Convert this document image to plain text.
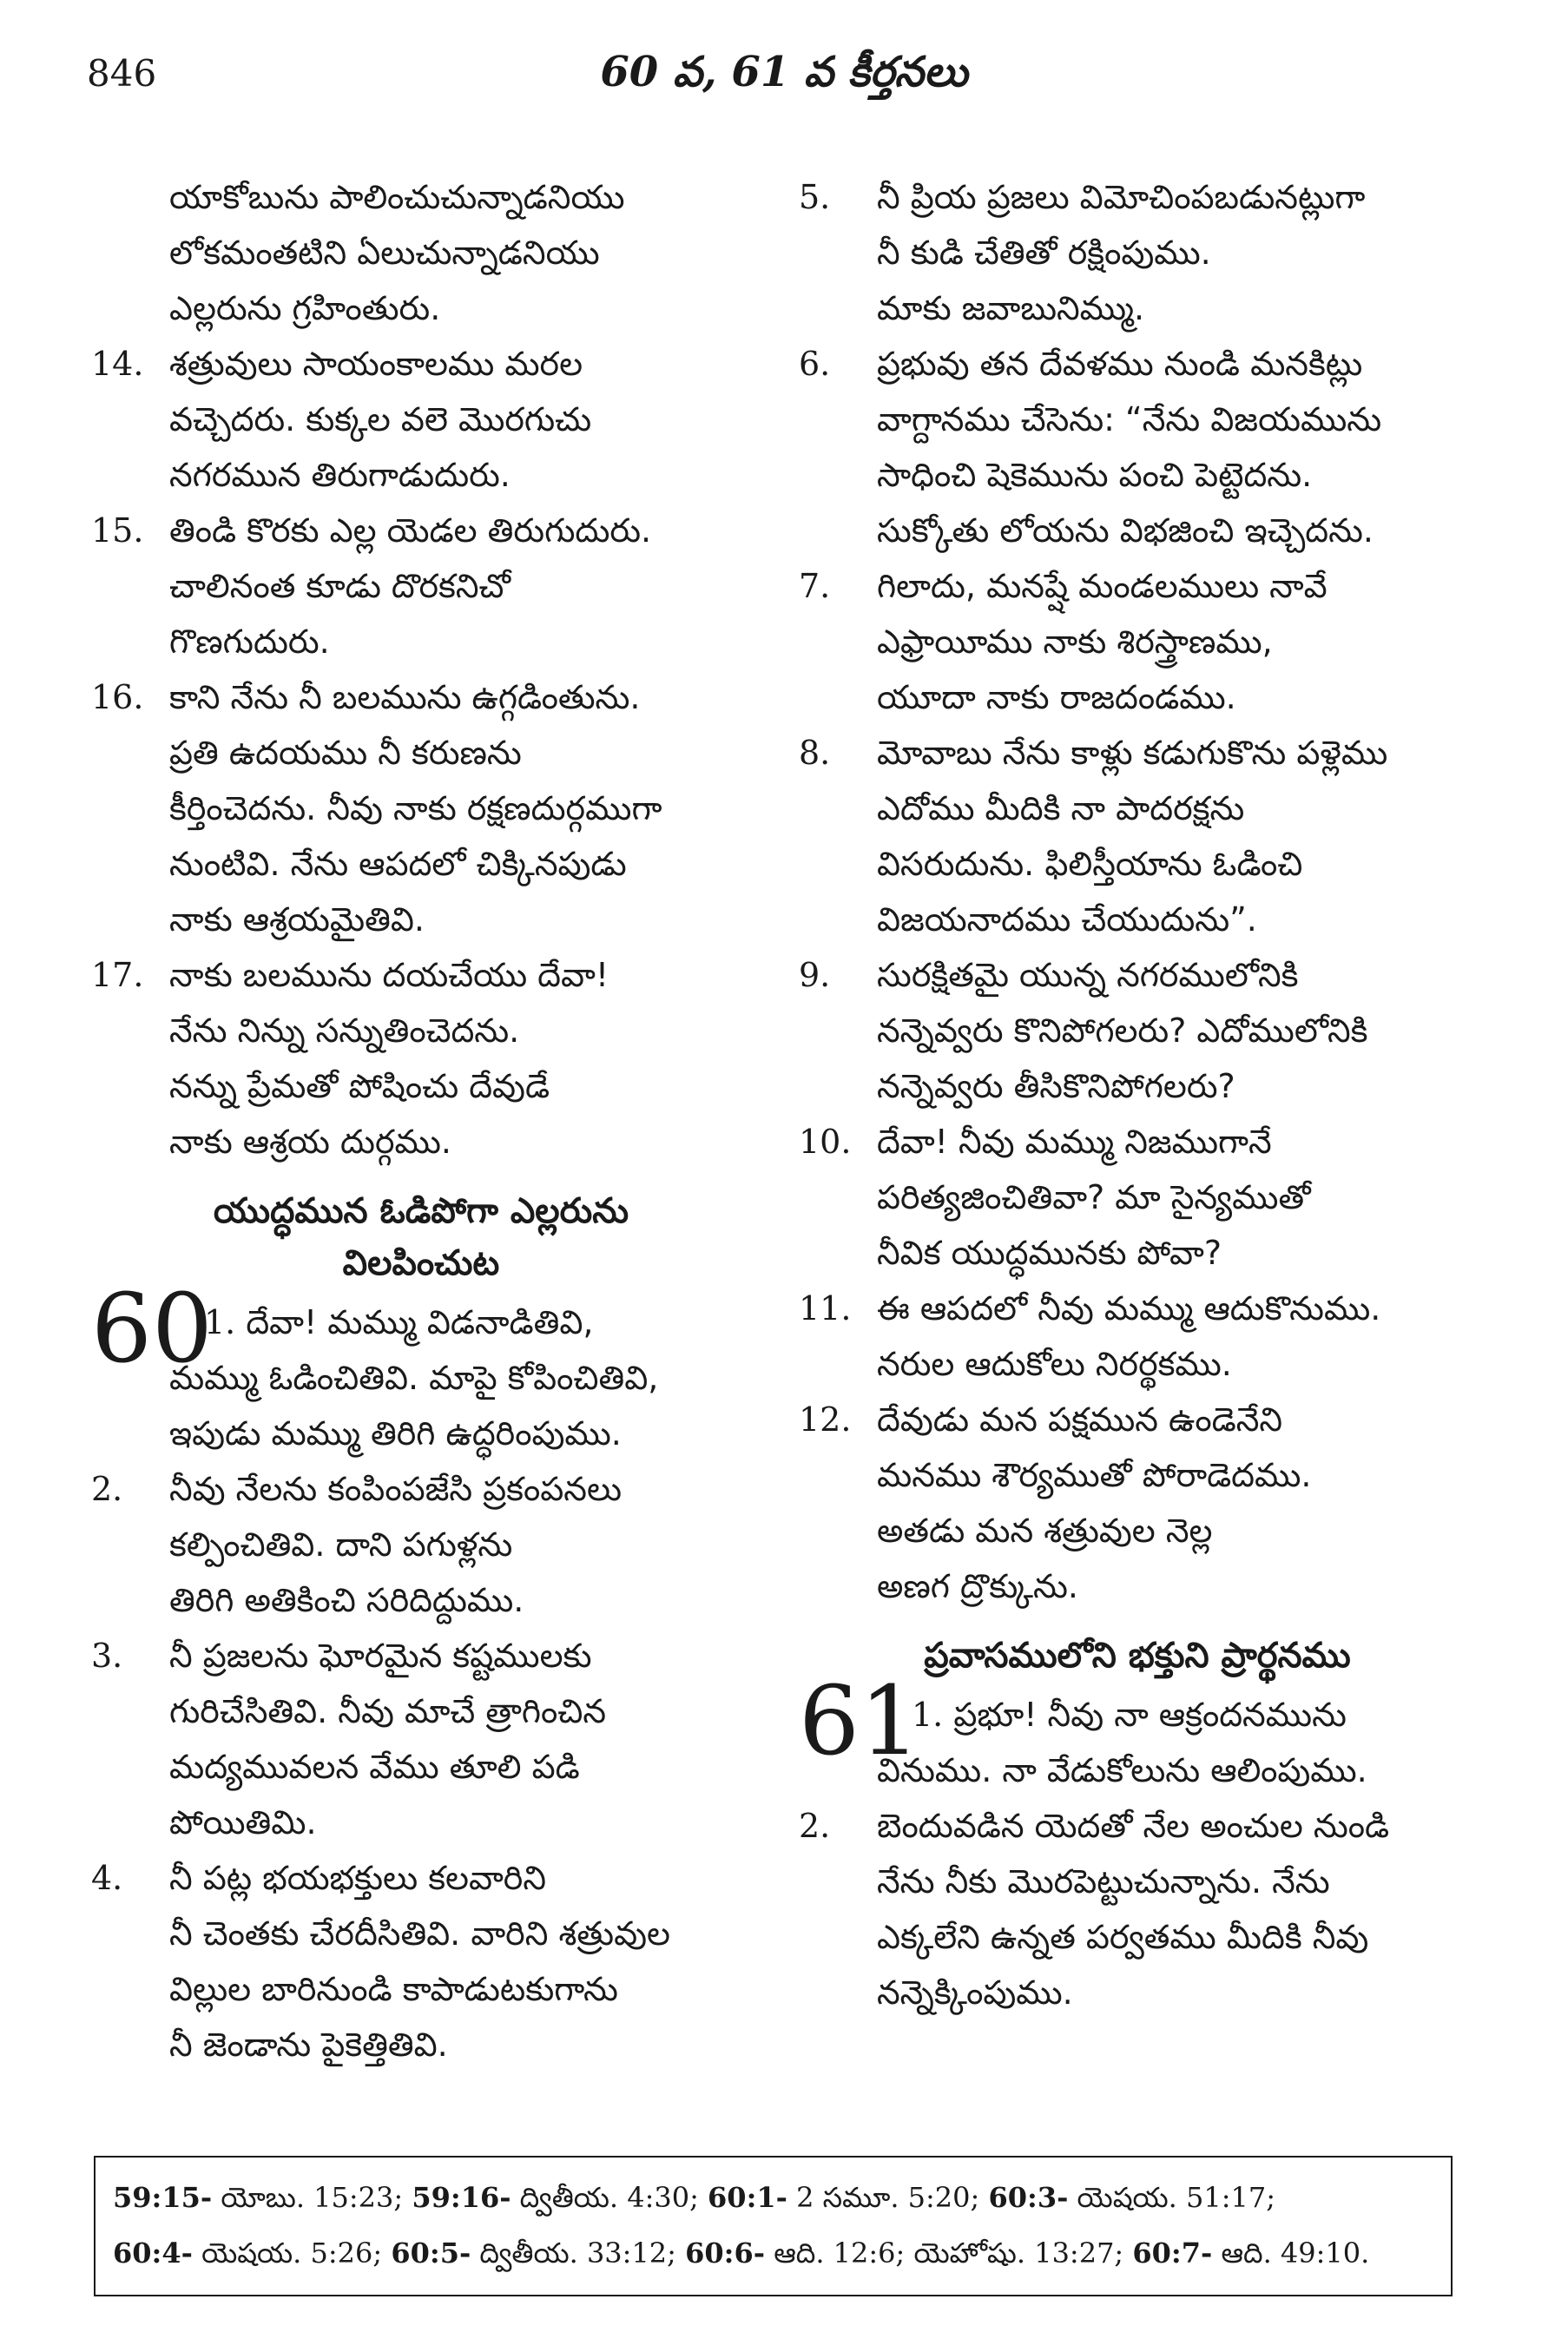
846	60 వ, 61 వ కీర్తనలు
యాకోబును పాలించుచున్నాడనియు
లోకమంతటిని ఏలుచున్నాడనియు
ఎల్లరును గ్రహింతురు.
14. శత్రువులు సాయంకాలము మరల
వచ్చెదరు. కుక్కల వలె మొరగుచు
నగరమున తిరుగాడుదురు.
15. తిండి కొరకు ఎల్ల యెడల తిరుగుదురు.
చాలినంత కూడు దొరకనిచో
గొణగుదురు.
16. కాని నేను నీ బలమును ఉగ్గడింతును.
ప్రతి ఉదయము నీ కరుణను
కీర్తించెదను. నీవు నాకు రక్షణదుర్గముగా
నుంటివి. నేను ఆపదలో చిక్కినపుడు
నాకు ఆశ్రయమైతివి.
17. నాకు బలమును దయచేయు దేవా!
నేను నిన్ను సన్నుతించెదను.
నన్ను ప్రేమతో పోషించు దేవుడే
నాకు ఆశ్రయ దుర్గము.
యుద్ధమున ఓడిపోగా ఎల్లరును
విలపించుట
60
1. దేవా! మమ్ము విడనాడితివి,
మమ్ము ఓడించితివి. మాపై కోపించితివి,
ఇపుడు మమ్ము తిరిగి ఉద్ధరింపుము.
2. నీవు నేలను కంపింపజేసి ప్రకంపనలు
కల్పించితివి. దాని పగుళ్లను
తిరిగి అతికించి సరిదిద్దుము.
3. నీ ప్రజలను ఘోరమైన కష్టములకు
గురిచేసితివి. నీవు మాచే త్రాగించిన
మద్యమువలన వేము తూలి పడి
పోయితిమి.
4. నీ పట్ల భయభక్తులు కలవారిని
నీ చెంతకు చేరదీసితివి. వారిని శత్రువుల
విల్లుల బారినుండి కాపాడుటకుగాను
నీ జెండాను పైకెత్తితివి.
5. నీ ప్రియ ప్రజలు విమోచింపబడునట్లుగా
నీ కుడి చేతితో రక్షింపుము.
మాకు జవాబునిమ్ము.
6. ప్రభువు తన దేవళము నుండి మనకిట్లు
వాగ్దానము చేసెను: “నేను విజయమును
సాధించి షెకెమును పంచి పెట్టెదను.
సుక్కోతు లోయను విభజించి ఇచ్చెదను.
7. గిలాదు, మనష్షే మండలములు నావే
ఎఫ్రాయీము నాకు శిరస్త్రాణము,
యూదా నాకు రాజదండము.
8. మోవాబు నేను కాళ్లు కడుగుకొను పళ్లెము
ఎదోము మీదికి నా పాదరక్షను
విసరుదును. ఫిలిస్తీయాను ఓడించి
విజయనాదము చేయుదును”.
9. సురక్షితమై యున్న నగరములోనికి
నన్నెవ్వరు కొనిపోగలరు? ఎదోములోనికి
నన్నెవ్వరు తీసికొనిపోగలరు?
10. దేవా! నీవు మమ్ము నిజముగానే
పరిత్యజించితివా? మా సైన్యముతో
నీవిక యుద్ధమునకు పోవా?
11. ఈ ఆపదలో నీవు మమ్ము ఆదుకొనుము.
నరుల ఆదుకోలు నిరర్థకము.
12. దేవుడు మన పక్షమున ఉండెనేని
మనము శౌర్యముతో పోరాడెదము.
అతడు మన శత్రువుల నెల్ల
అణగ ద్రొక్కును.
ప్రవాసములోని భక్తుని ప్రార్థనము
61
1. ప్రభూ! నీవు నా ఆక్రందనమును
వినుము. నా వేడుకోలును ఆలింపుము.
2. బెందువడిన యెదతో నేల అంచుల నుండి
నేను నీకు మొరపెట్టుచున్నాను. నేను
ఎక్కలేని ఉన్నత పర్వతము మీదికి నీవు
నన్నెక్కింపుము.
59:15- యోబు. 15:23; 59:16- ద్వితీయ. 4:30; 60:1- 2 సమూ. 5:20; 60:3- యెషయ. 51:17;
60:4- యెషయ. 5:26; 60:5- ద్వితీయ. 33:12; 60:6- ఆది. 12:6; యెహోషు. 13:27; 60:7- ఆది. 49:10.
